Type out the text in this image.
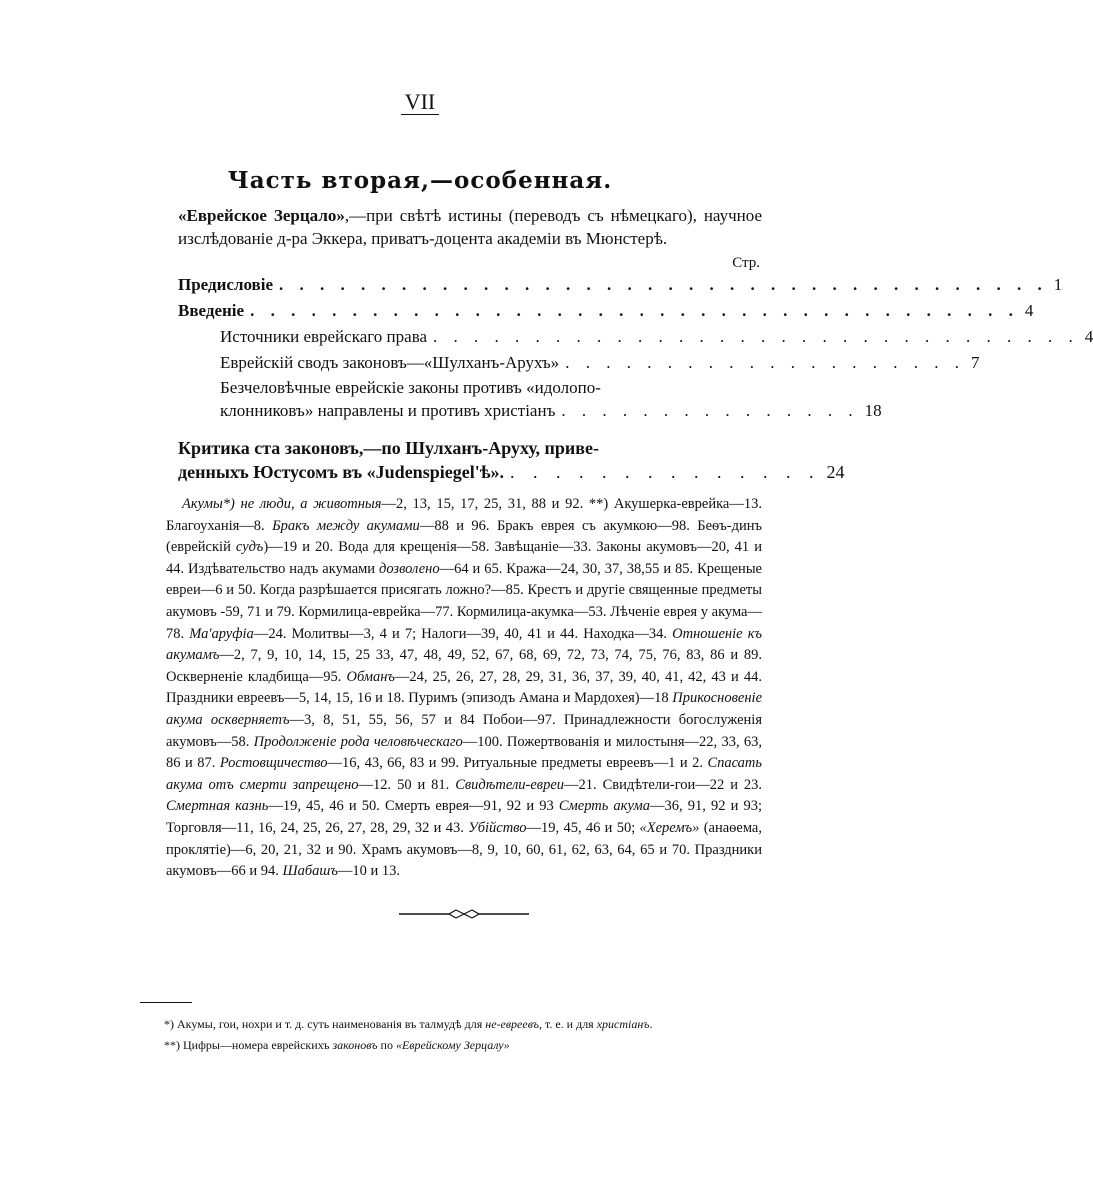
VII
Часть вторая,—особенная.
«Еврейское Зерцало»,—при свѣтѣ истины (переводъ съ нѣмецкаго), научное изслѣдованіе д-ра Эккера, приватъ-доцента академіи въ Мюнстерѣ.
Стр.
Предисловіе . . . . . . . . . . . . . . . . . . . . . . . . . . . . . . . . . . . . . . 1
Введеніе . . . . . . . . . . . . . . . . . . . . . . . . . . . . . . . . . . . . . . 4
Источники еврейскаго права . . . . . . . . . . . . . . . . . . . . . . . . . . . . . . . . 4
Еврейскій сводъ законовъ—«Шулханъ-Арухъ» . . . . . . . . . . . . . . . . . . . . 7
Безчеловѣчные еврейскіе законы противъ «идолопо-
клонниковъ» направлены и противъ христіанъ . . . . . . . . . . . . . . . 18
Критика ста законовъ,—по Шулханъ-Аруху, приве-
денныхъ Юстусомъ въ «Judenspiegel'ѣ». . . . . . . . . . . . . . . 24
Акумы*) не люди, а животныя—2, 13, 15, 17, 25, 31, 88 и 92. **) Акушерка-еврейка—13. Благоуханія—8. Бракъ между акумами—88 и 96. Бракъ еврея съ акумкою—98. Беѳъ-динъ (еврейскій судъ)—19 и 20. Вода для крещенія—58. Завѣщаніе—33. Законы акумовъ—20, 41 и 44. Издѣвательство надъ акумами дозволено—64 и 65. Кража—24, 30, 37, 38,55 и 85. Крещеные евреи—6 и 50. Когда разрѣшается присягать ложно?—85. Крестъ и другіе священные предметы акумовъ -59, 71 и 79. Кормилица-еврейка—77. Кормилица-акумка—53. Лѣченіе еврея у акума—78. Ма'аруфіа—24. Молитвы—3, 4 и 7; Налоги—39, 40, 41 и 44. Находка—34. Отношеніе къ акумамъ—2, 7, 9, 10, 14, 15, 25 33, 47, 48, 49, 52, 67, 68, 69, 72, 73, 74, 75, 76, 83, 86 и 89. Оскверненіе кладбища—95. Обманъ—24, 25, 26, 27, 28, 29, 31, 36, 37, 39, 40, 41, 42, 43 и 44. Праздники евреевъ—5, 14, 15, 16 и 18. Пуримъ (эпизодъ Амана и Мардохея)—18 Прикосновеніе акума оскверняетъ—3, 8, 51, 55, 56, 57 и 84 Побои—97. Принадлежности богослуженія акумовъ—58. Продолженіе рода человѣческаго—100. Пожертвованія и милостыня—22, 33, 63, 86 и 87. Ростовщичество—16, 43, 66, 83 и 99. Ритуальные предметы евреевъ—1 и 2. Спасать акума отъ смерти запрещено—12. 50 и 81. Свидѣтели-евреи—21. Свидѣтели-гои—22 и 23. Смертная казнь—19, 45, 46 и 50. Смерть еврея—91, 92 и 93 Смерть акума—36, 91, 92 и 93; Торговля—11, 16, 24, 25, 26, 27, 28, 29, 32 и 43. Убійство—19, 45, 46 и 50; «Херемъ» (анаѳема, проклятіе)—6, 20, 21, 32 и 90. Храмъ акумовъ—8, 9, 10, 60, 61, 62, 63, 64, 65 и 70. Праздники акумовъ—66 и 94. Шабашъ—10 и 13.

*) Акумы, гои, нохри и т. д. суть наименованія въ талмудѣ для не-евреевъ, т. е. и для христіанъ.

**) Цифры—номера еврейскихъ законовъ по «Еврейскому Зерцалу»
